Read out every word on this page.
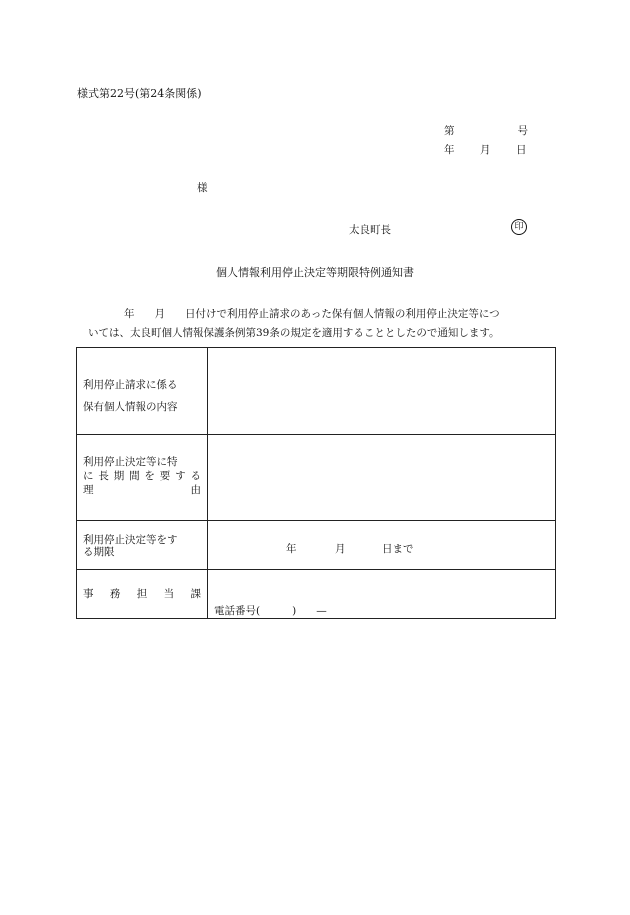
様式第22号(第24条関係)
第	号
年 月 日
様
太良町長	印
個人情報利用停止決定等期限特例通知書
年 月 日付けで利用停止請求のあった保有個人情報の利用停止決定等につ
いては、太良町個人情報保護条例第39条の規定を適用することとしたので通知します。
利用停止請求に係る
保有個人情報の内容	

利用停止決定等に特
に長期間を要する
理 由	

利用停止決定等をす
る期限	年 月 日まで

事務担当課	電話番号( ) —
